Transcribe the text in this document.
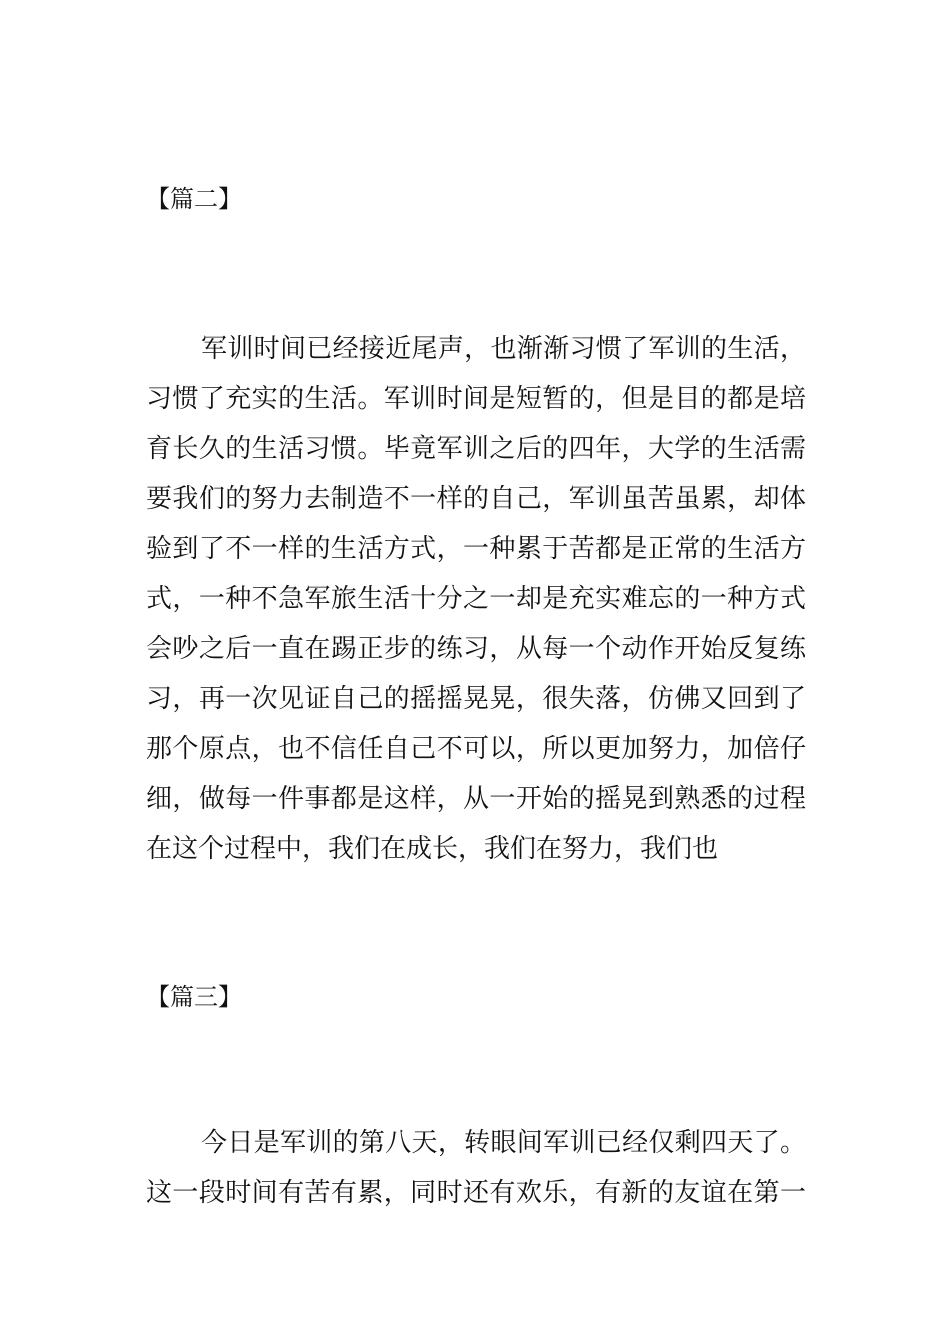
【篇二】
军训时间已经接近尾声，也渐渐习惯了军训的生活，
习惯了充实的生活。军训时间是短暂的，但是目的都是培
育长久的生活习惯。毕竟军训之后的四年，大学的生活需
要我们的努力去制造不一样的自己，军训虽苦虽累，却体
验到了不一样的生活方式，一种累于苦都是正常的生活方
式，一种不急军旅生活十分之一却是充实难忘的一种方式
会吵之后一直在踢正步的练习，从每一个动作开始反复练
习，再一次见证自己的摇摇晃晃，很失落，仿佛又回到了
那个原点，也不信任自己不可以，所以更加努力，加倍仔
细，做每一件事都是这样，从一开始的摇晃到熟悉的过程
在这个过程中，我们在成长，我们在努力，我们也
【篇三】
今日是军训的第八天，转眼间军训已经仅剩四天了。
这一段时间有苦有累，同时还有欢乐，有新的友谊在第一
